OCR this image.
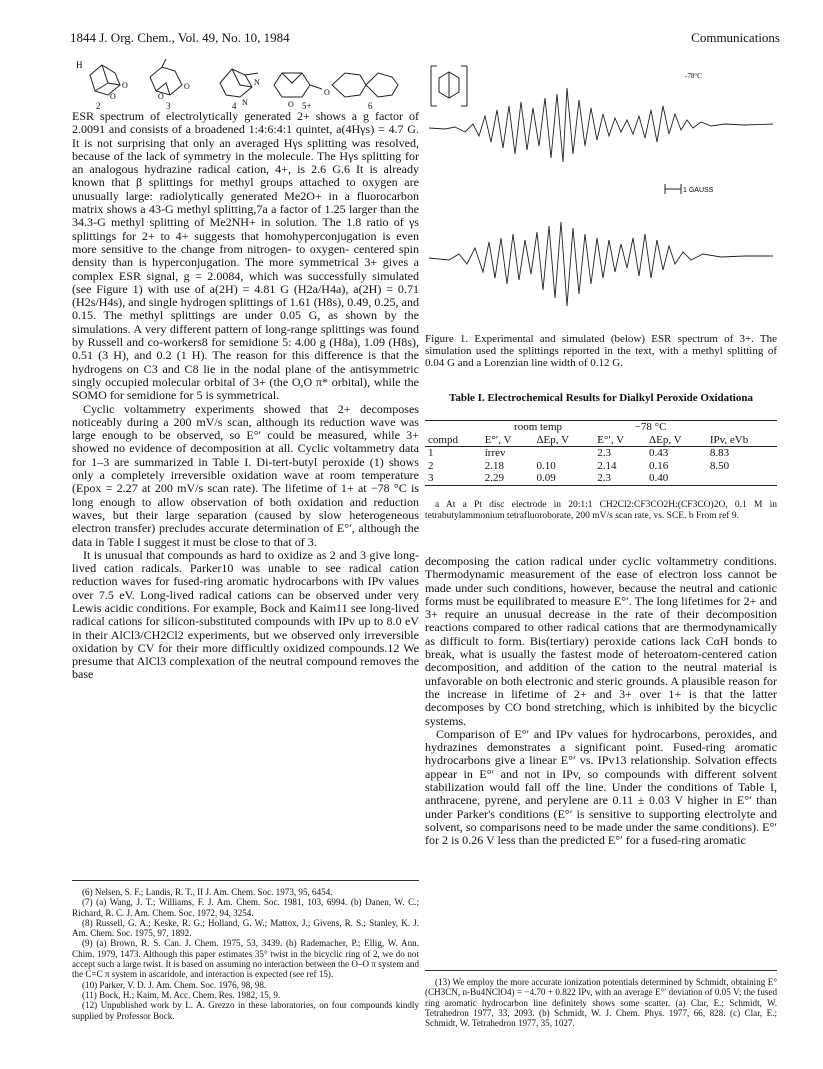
1844 J. Org. Chem., Vol. 49, No. 10, 1984	Communications
H
O
O
O
O	N
N	O
O
2	3	4	5+	6

ESR spectrum of electrolytically generated 2+ shows a g factor of 2.0091 and consists of a broadened 1:4:6:4:1 quintet, a(4Hγs) = 4.7 G. It is not surprising that only an averaged Hγs splitting was resolved, because of the lack of symmetry in the molecule. The Hγs splitting for an analogous hydrazine radical cation, 4+, is 2.6 G.6 It is already known that β splittings for methyl groups attached to oxygen are unusually large: radiolytically generated Me2O+ in a fluorocarbon matrix shows a 43-G methyl splitting,7a a factor of 1.25 larger than the 34.3-G methyl splitting of Me2NH+ in solution. The 1.8 ratio of γs splittings for 2+ to 4+ suggests that homohyperconjugation is even more sensitive to the change from nitrogen- to oxygen- centered spin density than is hyperconjugation. The more symmetrical 3+ gives a complex ESR signal, g = 2.0084, which was successfully simulated (see Figure 1) with use of a(2H) = 4.81 G (H2a/H4a), a(2H) = 0.71 (H2s/H4s), and single hydrogen splittings of 1.61 (H8s), 0.49, 0.25, and 0.15. The methyl splittings are under 0.05 G, as shown by the simulations. A very different pattern of long-range splittings was found by Russell and co-workers8 for semidione 5: 4.00 g (H8a), 1.09 (H8s), 0.51 (3 H), and 0.2 (1 H). The reason for this difference is that the hydrogens on C3 and C8 lie in the nodal plane of the antisymmetric singly occupied molecular orbital of 3+ (the O,O π* orbital), while the SOMO for semidione for 5 is symmetrical.

Cyclic voltammetry experiments showed that 2+ decomposes noticeably during a 200 mV/s scan, although its reduction wave was large enough to be observed, so E°′ could be measured, while 3+ showed no evidence of decomposition at all. Cyclic voltammetry data for 1–3 are summarized in Table I. Di-tert-butyl peroxide (1) shows only a completely irreversible oxidation wave at room temperature (Epox = 2.27 at 200 mV/s scan rate). The lifetime of 1+ at −78 °C is long enough to allow observation of both oxidation and reduction waves, but their large separation (caused by slow heterogeneous electron transfer) precludes accurate determination of E°′, although the data in Table I suggest it must be close to that of 3.

It is unusual that compounds as hard to oxidize as 2 and 3 give long-lived cation radicals. Parker10 was unable to see radical cation reduction waves for fused-ring aromatic hydrocarbons with IPv values over 7.5 eV. Long-lived radical cations can be observed under very Lewis acidic conditions. For example, Bock and Kaim11 see long-lived radical cations for silicon-substituted compounds with IPv up to 8.0 eV in their AlCl3/CH2Cl2 experiments, but we observed only irreversible oxidation by CV for their more difficultly oxidized compounds.12 We presume that AlCl3 complexation of the neutral compound removes the base

(6) Nelsen, S. F.; Landis, R. T., II J. Am. Chem. Soc. 1973, 95, 6454.

(7) (a) Wang, J. T.; Williams, F. J. Am. Chem. Soc. 1981, 103, 6994. (b) Danen, W. C.; Richard, R. C. J. Am. Chem. Soc. 1972, 94, 3254.

(8) Russell, G. A.; Keske, R. G.; Holland, G. W.; Mattox, J.; Givens, R. S.; Stanley, K. J. Am. Chem. Soc. 1975, 97, 1892.

(9) (a) Brown, R. S. Can. J. Chem. 1975, 53, 3439. (b) Rademacher, P.; Ellig, W. Ann. Chim. 1979, 1473. Although this paper estimates 35° twist in the bicyclic ring of 2, we do not accept such a large twist. It is based on assuming no interaction between the O–O π system and the C=C π system in ascaridole, and interaction is expected (see ref 15).

(10) Parker, V. D. J. Am. Chem. Soc. 1976, 98, 98.

(11) Bock, H.; Kaim, M. Acc. Chem. Res. 1982, 15, 9.

(12) Unpublished work by L. A. Grezzo in these laboratories, on four compounds kindly supplied by Professor Bock.

-78°C
1 GAUSS
Figure 1. Experimental and simulated (below) ESR spectrum of 3+. The simulation used the splittings reported in the text, with a methyl splitting of 0.04 G and a Lorenzian line width of 0.12 G.
Table I. Electrochemical Results for Dialkyl Peroxide Oxidationa
	room temp		−78 °C		
compd	E°′, V	ΔEp, V	E°′, V	ΔEp, V	IPv, eVb
1	irrev		2.3	0.43	8.83
2	2.18	0.10	2.14	0.16	8.50
3	2.29	0.09	2.3	0.40	

a At a Pt disc electrode in 20:1:1 CH2Cl2:CF3CO2H:(CF3CO)2O, 0.1 M in tetrabutylammonium tetrafluoroborate, 200 mV/s scan rate, vs. SCE. b From ref 9.

decomposing the cation radical under cyclic voltammetry conditions. Thermodynamic measurement of the ease of electron loss cannot be made under such conditions, however, because the neutral and cationic forms must be equilibrated to measure E°′. The long lifetimes for 2+ and 3+ require an unusual decrease in the rate of their decomposition reactions compared to other radical cations that are thermodynamically as difficult to form. Bis(tertiary) peroxide cations lack CαH bonds to break, what is usually the fastest mode of heteroatom-centered cation decomposition, and addition of the cation to the neutral material is unfavorable on both electronic and steric grounds. A plausible reason for the increase in lifetime of 2+ and 3+ over 1+ is that the latter decomposes by CO bond stretching, which is inhibited by the bicyclic systems.

Comparison of E°′ and IPv values for hydrocarbons, peroxides, and hydrazines demonstrates a significant point. Fused-ring aromatic hydrocarbons give a linear E°′ vs. IPv13 relationship. Solvation effects appear in E°′ and not in IPv, so compounds with different solvent stabilization would fall off the line. Under the conditions of Table I, anthracene, pyrene, and perylene are 0.11 ± 0.03 V higher in E°′ than under Parker's conditions (E°′ is sensitive to supporting electrolyte and solvent, so comparisons need to be made under the same conditions). E°′ for 2 is 0.26 V less than the predicted E°′ for a fused-ring aromatic

(13) We employ the more accurate ionization potentials determined by Schmidt, obtaining E° (CH3CN, n-Bu4NClO4) = −4.70 + 0.822 IPv, with an average E°′ deviation of 0.05 V; the fused ring aromatic hydrocarbon line definitely shows some scatter. (a) Clar, E.; Schmidt, W. Tetrahedron 1977, 33, 2093. (b) Schmidt, W. J. Chem. Phys. 1977, 66, 828. (c) Clar, E.; Schmidt, W. Tetrahedron 1977, 35, 1027.
